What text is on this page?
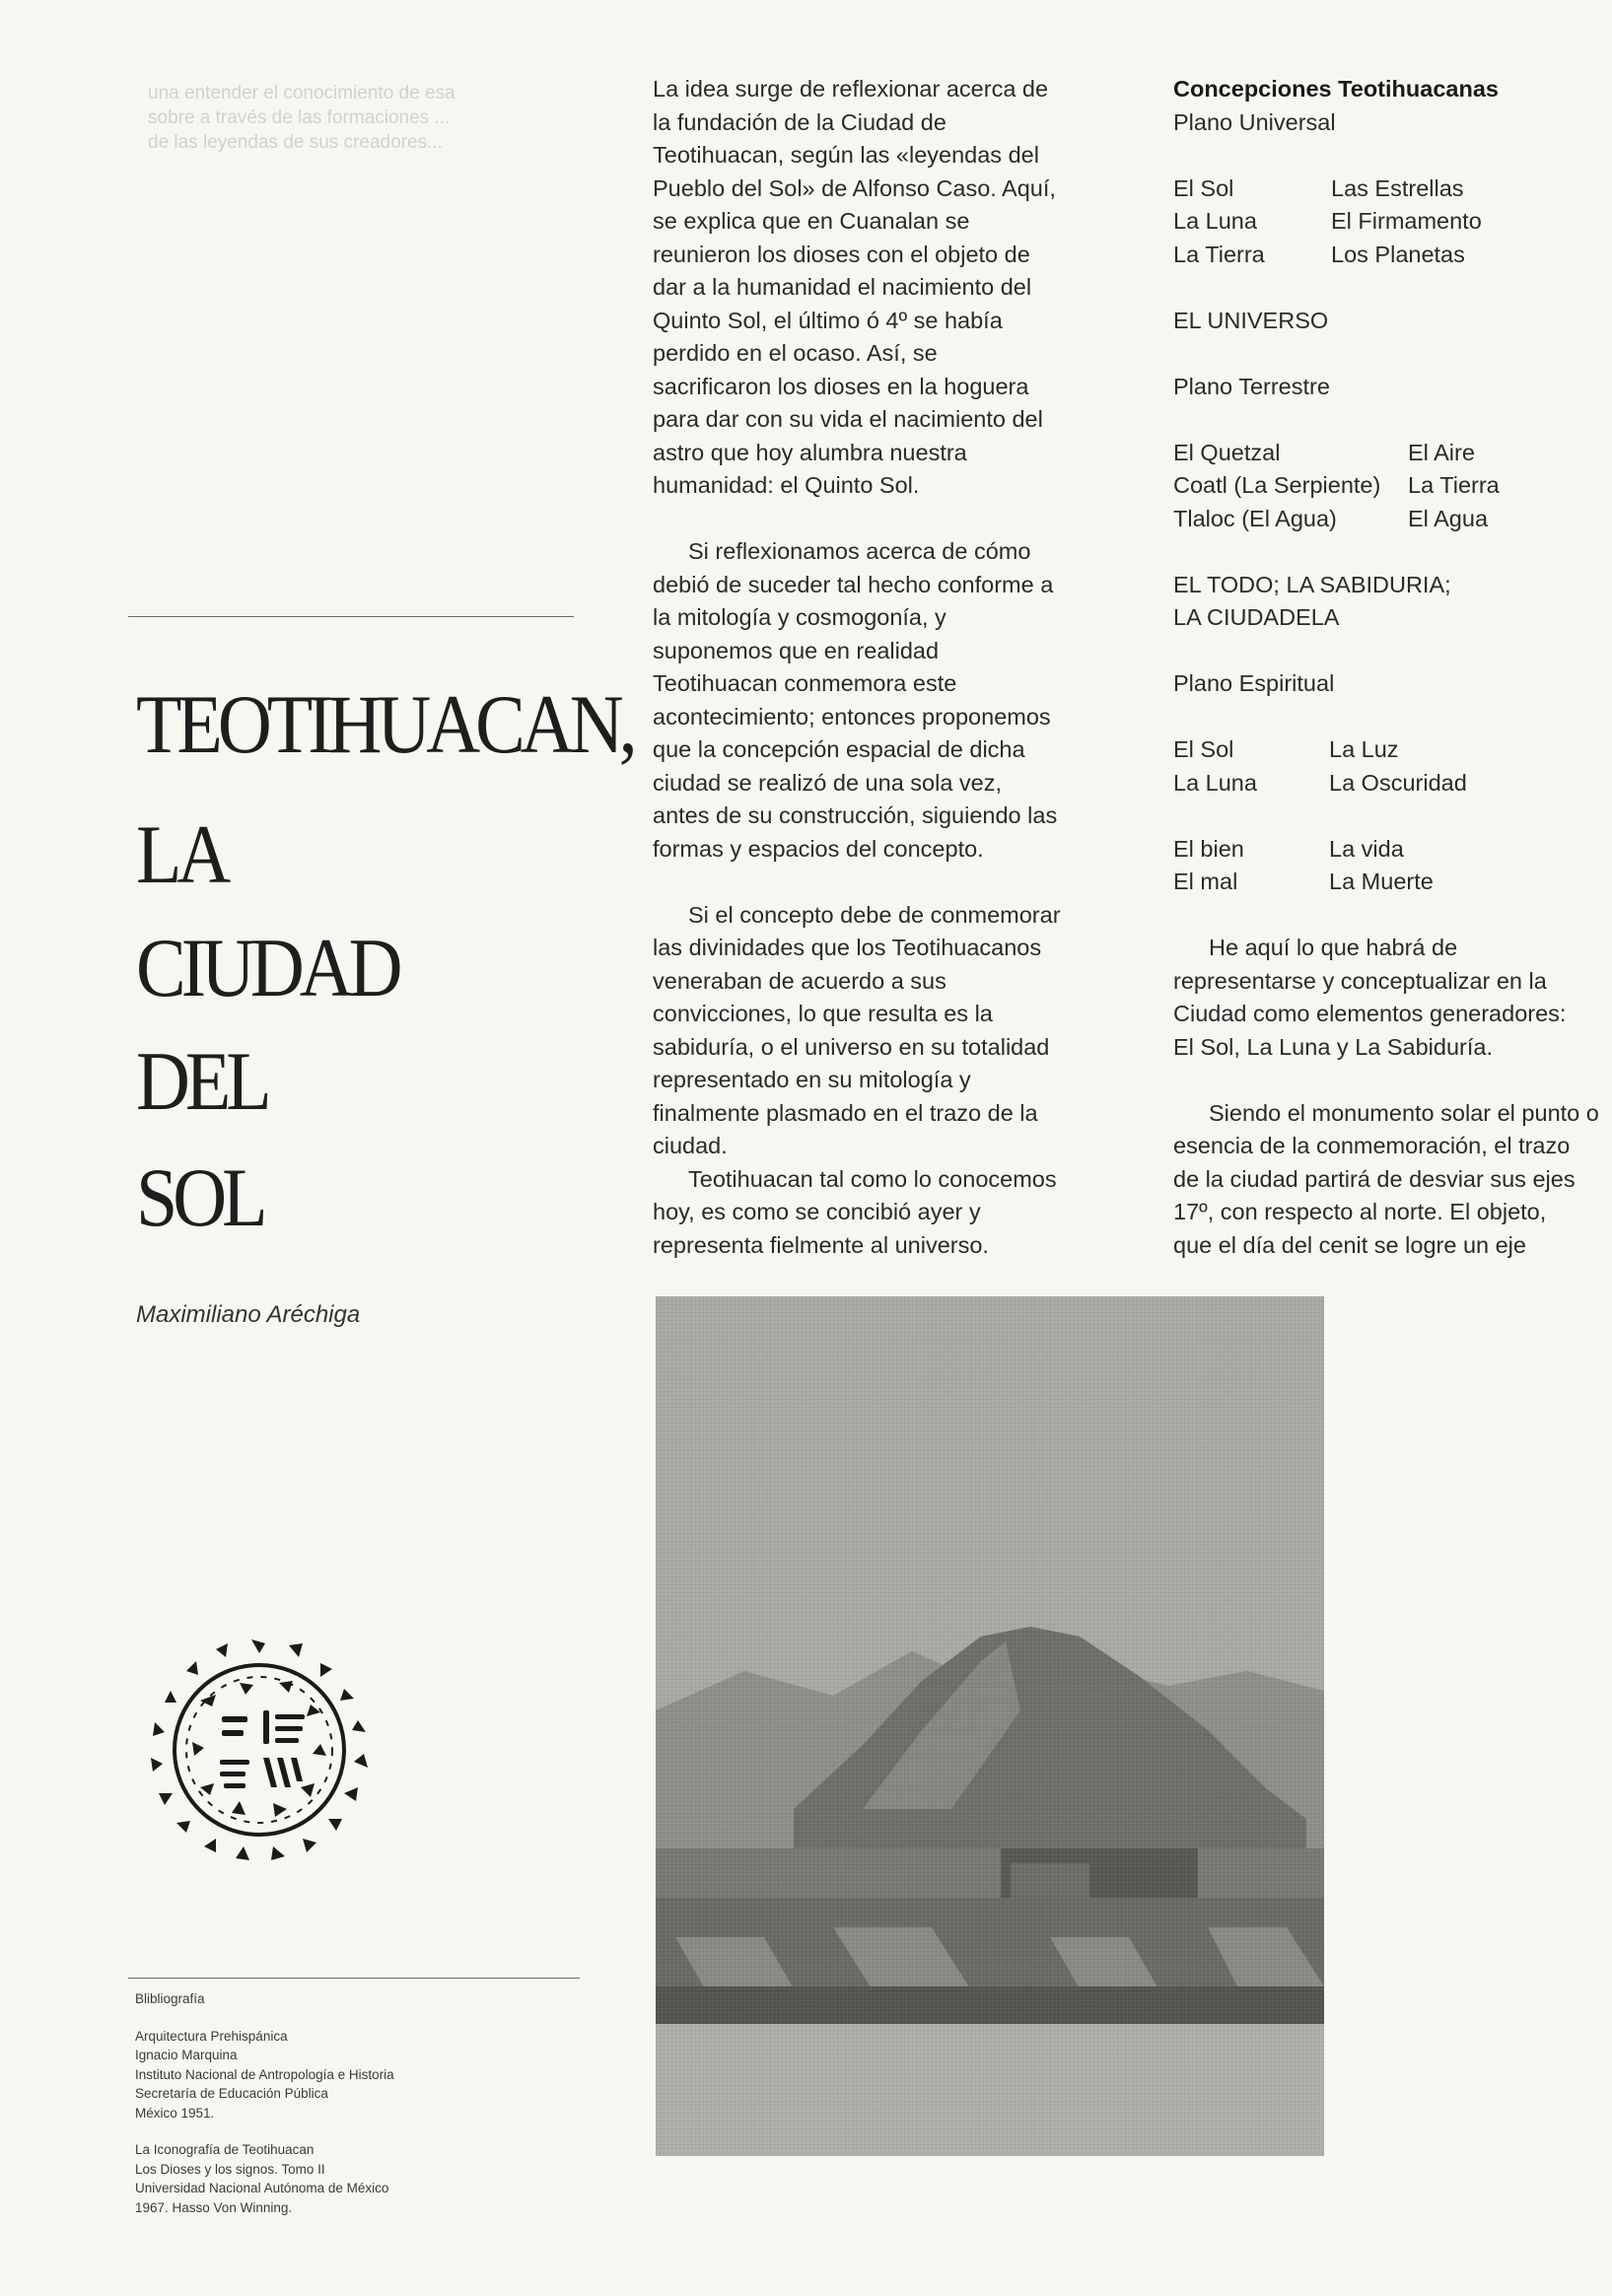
una entender el conocimiento de esa
sobre a través de las formaciones ...
de las leyendas de sus creadores...
TEOTIHUACAN,
LA
CIUDAD
DEL
SOL
Maximiliano Aréchiga

Blibliografía

Arquitectura Prehispánica
Ignacio Marquina
Instituto Nacional de Antropología e Historia
Secretaría de Educación Pública
México 1951.

La Iconografía de Teotihuacan
Los Dioses y los signos. Tomo II
Universidad Nacional Autónoma de México
1967. Hasso Von Winning.

La idea surge de reflexionar acerca de
la fundación de la Ciudad de
Teotihuacan, según las «leyendas del
Pueblo del Sol» de Alfonso Caso. Aquí,
se explica que en Cuanalan se
reunieron los dioses con el objeto de
dar a la humanidad el nacimiento del
Quinto Sol, el último ó 4º se había
perdido en el ocaso. Así, se
sacrificaron los dioses en la hoguera
para dar con su vida el nacimiento del
astro que hoy alumbra nuestra
humanidad: el Quinto Sol.
Si reflexionamos acerca de cómo
debió de suceder tal hecho conforme a
la mitología y cosmogonía, y
suponemos que en realidad
Teotihuacan conmemora este
acontecimiento; entonces proponemos
que la concepción espacial de dicha
ciudad se realizó de una sola vez,
antes de su construcción, siguiendo las
formas y espacios del concepto.
Si el concepto debe de conmemorar
las divinidades que los Teotihuacanos
veneraban de acuerdo a sus
convicciones, lo que resulta es la
sabiduría, o el universo en su totalidad
representado en su mitología y
finalmente plasmado en el trazo de la
ciudad.
Teotihuacan tal como lo conocemos
hoy, es como se concibió ayer y
representa fielmente al universo.

Concepciones Teotihuacanas

Plano Universal

El Sol	Las Estrellas
La Luna	El Firmamento
La Tierra	Los Planetas

EL UNIVERSO

Plano Terrestre

El Quetzal	El Aire
Coatl (La Serpiente)	La Tierra
Tlaloc (El Agua)	El Agua

EL TODO; LA SABIDURIA;

LA CIUDADELA

Plano Espiritual

El Sol	La Luz
La Luna	La Oscuridad
El bien	La vida
El mal	La Muerte
He aquí lo que habrá de
representarse y conceptualizar en la
Ciudad como elementos generadores:
El Sol, La Luna y La Sabiduría.
Siendo el monumento solar el punto o
esencia de la conmemoración, el trazo
de la ciudad partirá de desviar sus ejes
17º, con respecto al norte. El objeto,
que el día del cenit se logre un eje
